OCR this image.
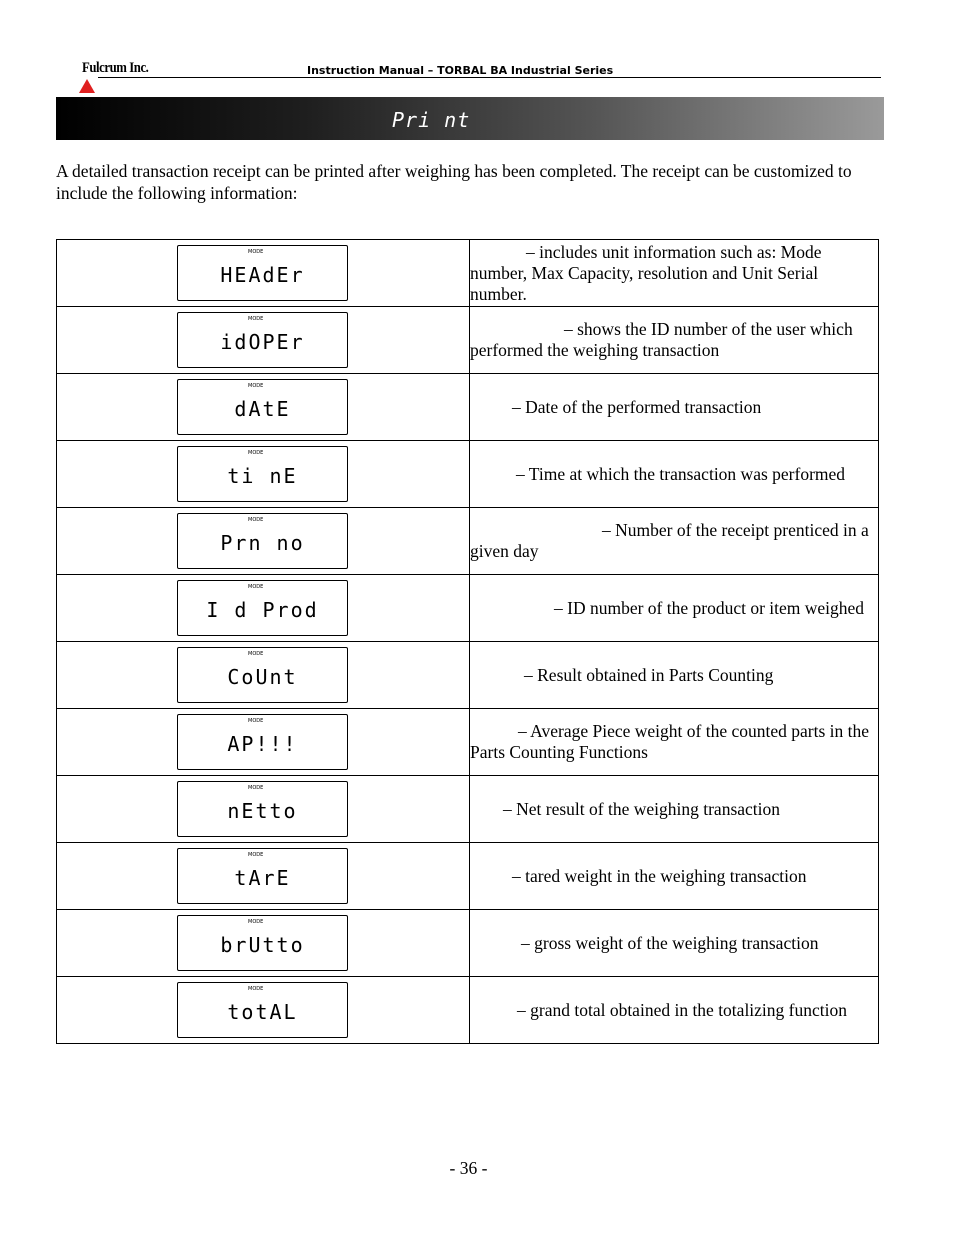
Fulcrum Inc.	Instruction Manual – TORBAL BA Industrial Series
Pri nt

A detailed transaction receipt can be printed after weighing has been completed. The receipt can be customized to include the following information:

MODE
HEAdEr	– includes unit information such as: Mode number, Max Capacity, resolution and Unit Serial number.

MODE
idOPEr	– shows the ID number of the user which performed the weighing transaction

MODE
dAtE	– Date of the performed transaction

MODE
ti nE	– Time at which the transaction was performed

MODE
Prn no	– Number of the receipt prenticed in a given day

MODE
I d Prod	– ID number of the product or item weighed

MODE
CoUnt	– Result obtained in Parts Counting

MODE
AP!!!	– Average Piece weight of the counted parts in the Parts Counting Functions

MODE
nEtto	– Net result of the weighing transaction

MODE
tArE	– tared weight in the weighing transaction

MODE
brUtto	– gross weight of the weighing transaction

MODE
totAL	– grand total obtained in the totalizing function
- 36 -
